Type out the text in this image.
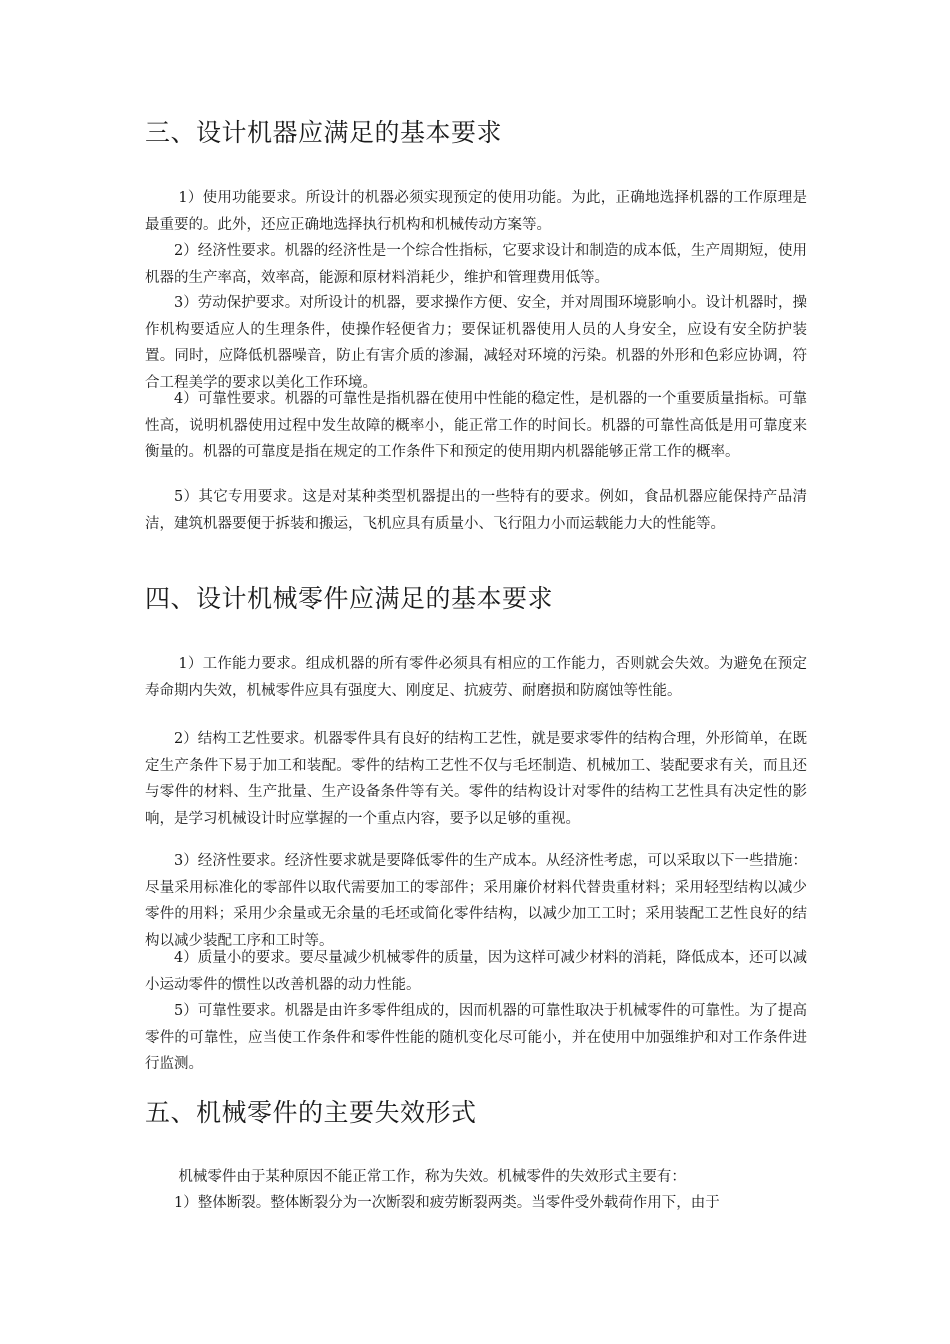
三、设计机器应满足的基本要求

1）使用功能要求。所设计的机器必须实现预定的使用功能。为此，正确地选择机器的工作原理是最重要的。此外，还应正确地选择执行机构和机械传动方案等。

2）经济性要求。机器的经济性是一个综合性指标，它要求设计和制造的成本低，生产周期短，使用机器的生产率高，效率高，能源和原材料消耗少，维护和管理费用低等。

3）劳动保护要求。对所设计的机器，要求操作方便、安全，并对周围环境影响小。设计机器时，操作机构要适应人的生理条件，使操作轻便省力；要保证机器使用人员的人身安全，应设有安全防护装置。同时，应降低机器噪音，防止有害介质的渗漏，减轻对环境的污染。机器的外形和色彩应协调，符合工程美学的要求以美化工作环境。

4）可靠性要求。机器的可靠性是指机器在使用中性能的稳定性，是机器的一个重要质量指标。可靠性高，说明机器使用过程中发生故障的概率小，能正常工作的时间长。机器的可靠性高低是用可靠度来衡量的。机器的可靠度是指在规定的工作条件下和预定的使用期内机器能够正常工作的概率。

5）其它专用要求。这是对某种类型机器提出的一些特有的要求。例如，食品机器应能保持产品清洁，建筑机器要便于拆装和搬运，飞机应具有质量小、飞行阻力小而运载能力大的性能等。

四、设计机械零件应满足的基本要求

1）工作能力要求。组成机器的所有零件必须具有相应的工作能力，否则就会失效。为避免在预定寿命期内失效，机械零件应具有强度大、刚度足、抗疲劳、耐磨损和防腐蚀等性能。

2）结构工艺性要求。机器零件具有良好的结构工艺性，就是要求零件的结构合理，外形简单，在既定生产条件下易于加工和装配。零件的结构工艺性不仅与毛坯制造、机械加工、装配要求有关，而且还与零件的材料、生产批量、生产设备条件等有关。零件的结构设计对零件的结构工艺性具有决定性的影响，是学习机械设计时应掌握的一个重点内容，要予以足够的重视。

3）经济性要求。经济性要求就是要降低零件的生产成本。从经济性考虑，可以采取以下一些措施：尽量采用标准化的零部件以取代需要加工的零部件；采用廉价材料代替贵重材料；采用轻型结构以减少零件的用料；采用少余量或无余量的毛坯或简化零件结构，以减少加工工时；采用装配工艺性良好的结构以减少装配工序和工时等。

4）质量小的要求。要尽量减少机械零件的质量，因为这样可减少材料的消耗，降低成本，还可以减小运动零件的惯性以改善机器的动力性能。

5）可靠性要求。机器是由许多零件组成的，因而机器的可靠性取决于机械零件的可靠性。为了提高零件的可靠性，应当使工作条件和零件性能的随机变化尽可能小，并在使用中加强维护和对工作条件进行监测。

五、机械零件的主要失效形式

机械零件由于某种原因不能正常工作，称为失效。机械零件的失效形式主要有：

1）整体断裂。整体断裂分为一次断裂和疲劳断裂两类。当零件受外载荷作用下，由于
